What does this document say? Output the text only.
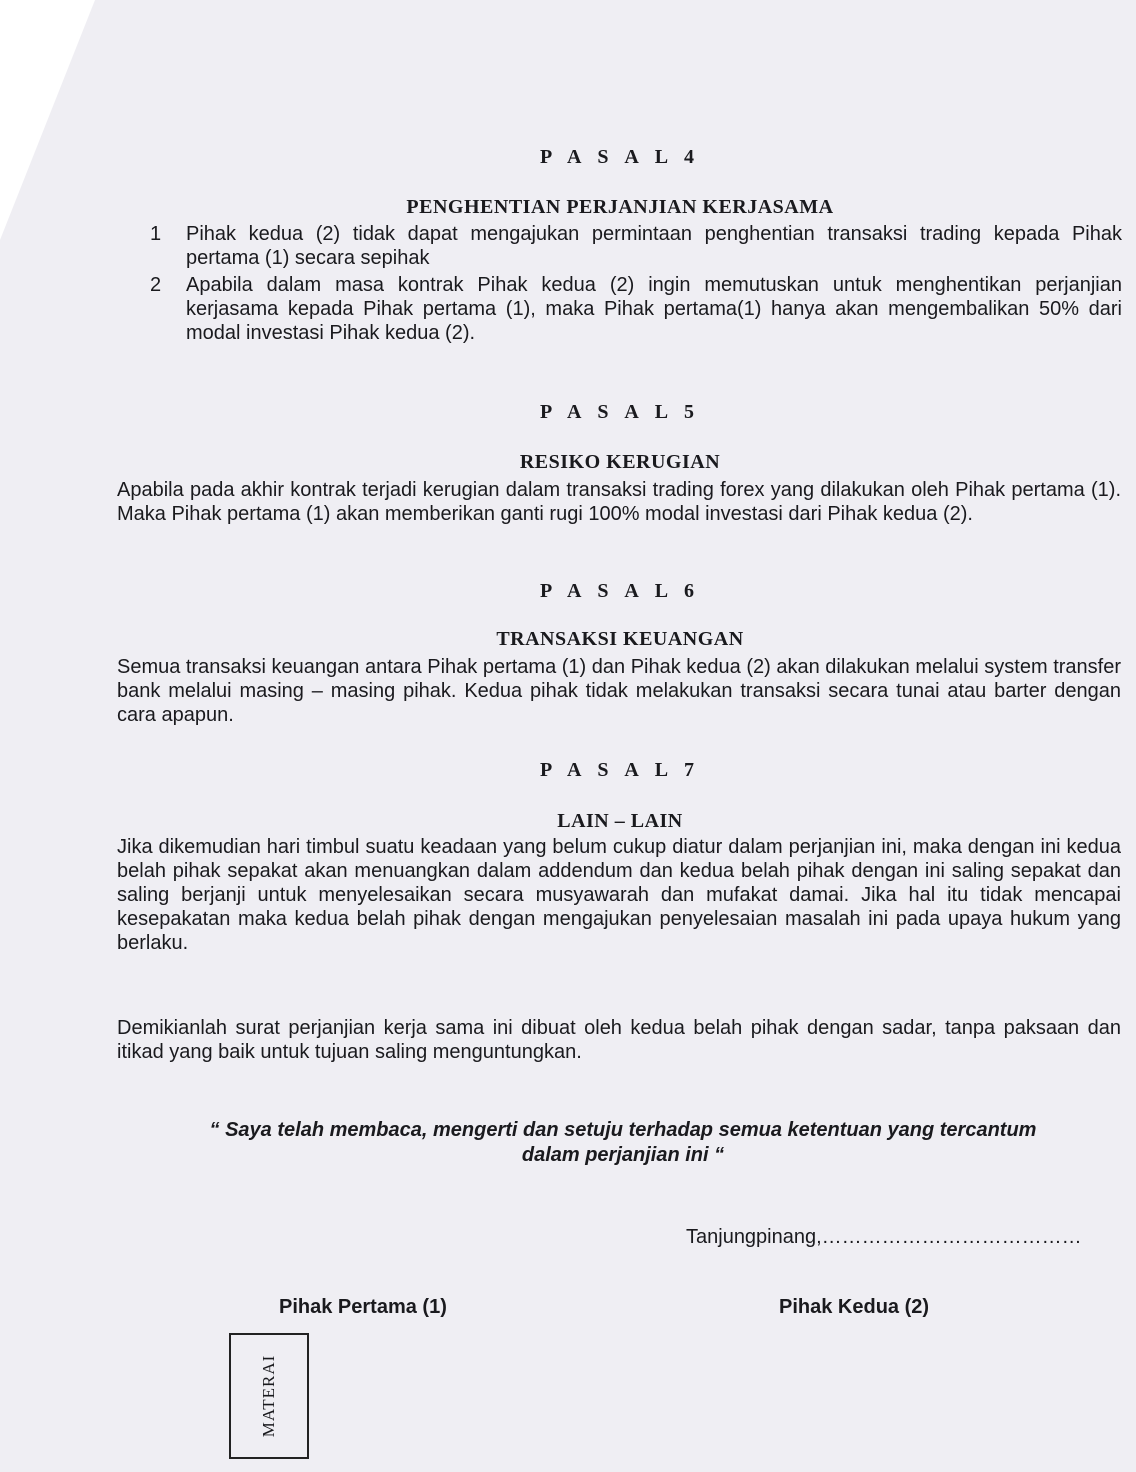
P A S A L 4
PENGHENTIAN PERJANJIAN KERJASAMA
1	Pihak kedua (2) tidak dapat mengajukan permintaan penghentian transaksi trading kepada Pihak pertama (1) secara sepihak
2	Apabila dalam masa kontrak Pihak kedua (2) ingin memutuskan untuk menghentikan perjanjian kerjasama kepada Pihak pertama (1), maka Pihak pertama(1) hanya akan mengembalikan 50% dari modal investasi Pihak kedua (2).
P A S A L 5
RESIKO KERUGIAN
Apabila pada akhir kontrak terjadi kerugian dalam transaksi trading forex yang dilakukan oleh Pihak pertama (1). Maka Pihak pertama (1) akan memberikan ganti rugi 100% modal investasi dari Pihak kedua (2).
P A S A L 6
TRANSAKSI KEUANGAN
Semua transaksi keuangan antara Pihak pertama (1) dan Pihak kedua (2) akan dilakukan melalui system transfer bank melalui masing – masing pihak. Kedua pihak tidak melakukan transaksi secara tunai atau barter dengan cara apapun.
P A S A L 7
LAIN – LAIN
Jika dikemudian hari timbul suatu keadaan yang belum cukup diatur dalam perjanjian ini, maka dengan ini kedua belah pihak sepakat akan menuangkan dalam addendum dan kedua belah pihak dengan ini saling sepakat dan saling berjanji untuk menyelesaikan secara musyawarah dan mufakat damai. Jika hal itu tidak mencapai kesepakatan maka kedua belah pihak dengan mengajukan penyelesaian masalah ini pada upaya hukum yang berlaku.
Demikianlah surat perjanjian kerja sama ini dibuat oleh kedua belah pihak dengan sadar, tanpa paksaan dan itikad yang baik untuk tujuan saling menguntungkan.
“ Saya telah membaca, mengerti dan setuju terhadap semua ketentuan yang tercantum
dalam perjanjian ini “
Tanjungpinang,…………………………………
Pihak Pertama (1)	Pihak Kedua (2)
MATERAI
